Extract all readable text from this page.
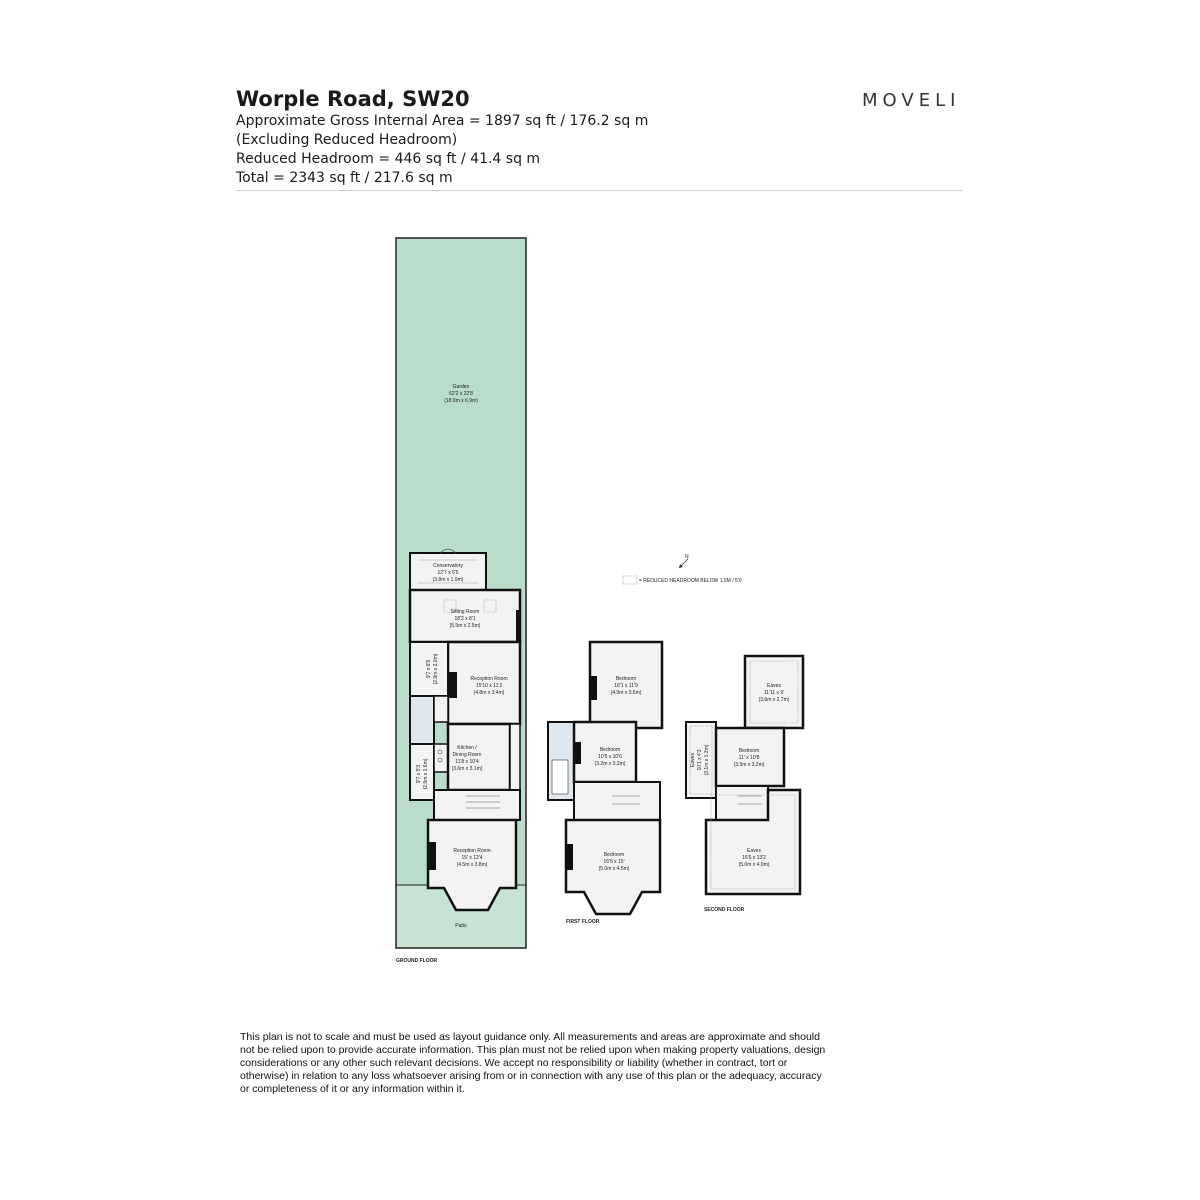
Worple Road, SW20
Approximate Gross Internal Area = 1897 sq ft / 176.2 sq m
(Excluding Reduced Headroom)
Reduced Headroom = 446 sq ft / 41.4 sq m
Total = 2343 sq ft / 217.6 sq m
MOVELI
Garden 62'2 x 22'8 (18.9m x 6.9m)
Conservatory 12'7 x 6'5 (3.8m x 1.9m)
Sitting Room 18'2 x 8'1 (5.5m x 2.5m)
Reception Room 15'10 x 11'2 (4.8m x 3.4m)
9'7 x 6'8(2.9m x 2.0m)
Kitchen / Dining Room 11'8 x 10'4 (3.6m x 3.1m)
9'7 x 5'3(2.9m x 1.6m)
Reception Room 15' x 12'4 (4.5m x 3.8m)
Patio
GROUND FLOOR
N
= REDUCED HEADROOM BELOW 1.5M / 5'0
Bedroom 16'1 x 11'9 (4.9m x 3.6m)
Bedroom 10'5 x 10'6 (3.2m x 3.2m)
Bedroom 16'5 x 15' (5.0m x 4.5m)
FIRST FLOOR
Eaves 11'11 x 9' (3.6m x 2.7m)
Eaves10'1 x 4'3(3.1m x 1.3m)	Bedroom 11' x 10'8 (3.3m x 3.2m)
Eaves 16'6 x 13'2 (5.0m x 4.0m)
SECOND FLOOR
This plan is not to scale and must be used as layout guidance only. All measurements and areas are approximate and should not be relied upon to provide accurate information. This plan must not be relied upon when making property valuations, design considerations or any other such relevant decisions. We accept no responsibility or liability (whether in contract, tort or otherwise) in relation to any loss whatsoever arising from or in connection with any use of this plan or the adequacy, accuracy or completeness of it or any information within it.
